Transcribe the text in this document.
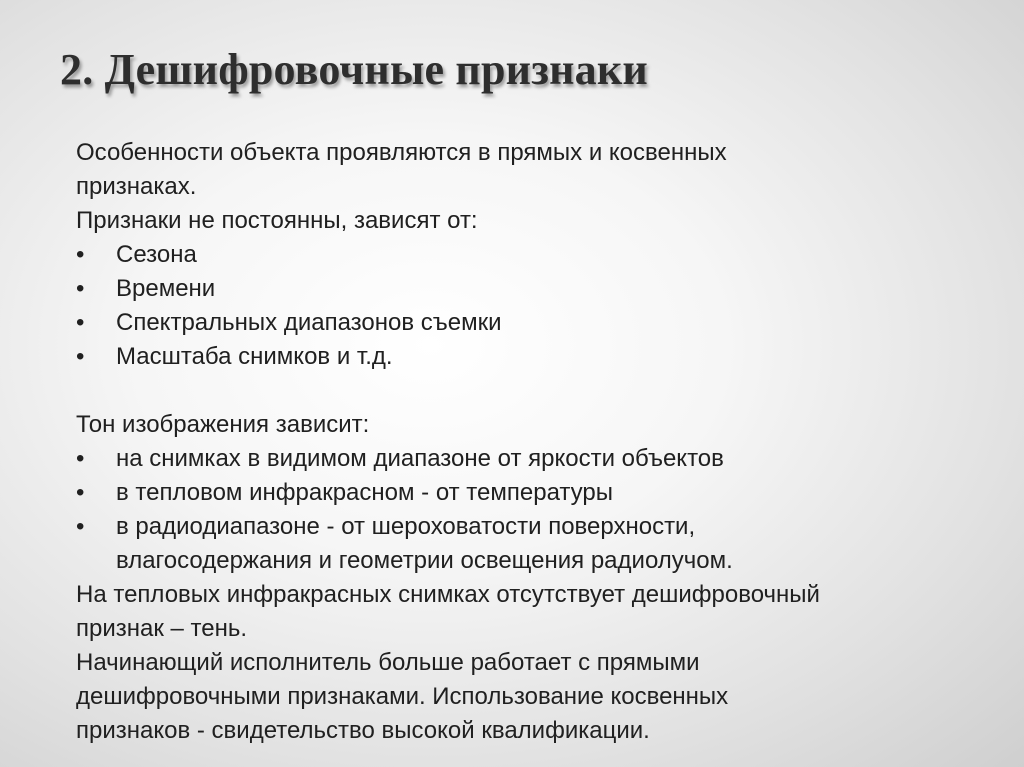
2. Дешифровочные признаки

Особенности объекта проявляются в прямых и косвенных
признаках.

Признаки не постоянны, зависят от:

• Сезона
• Времени
• Спектральных диапазонов съемки
• Масштаба снимков и т.д.

Тон изображения зависит:

• на снимках в видимом диапазоне от яркости объектов
• в тепловом инфракрасном - от температуры
• в радиодиапазоне - от шероховатости поверхности,
влагосодержания и геометрии освещения радиолучом.

На тепловых инфракрасных снимках отсутствует дешифровочный
признак – тень.

Начинающий исполнитель больше работает с прямыми
дешифровочными признаками. Использование косвенных
признаков - свидетельство высокой квалификации.
